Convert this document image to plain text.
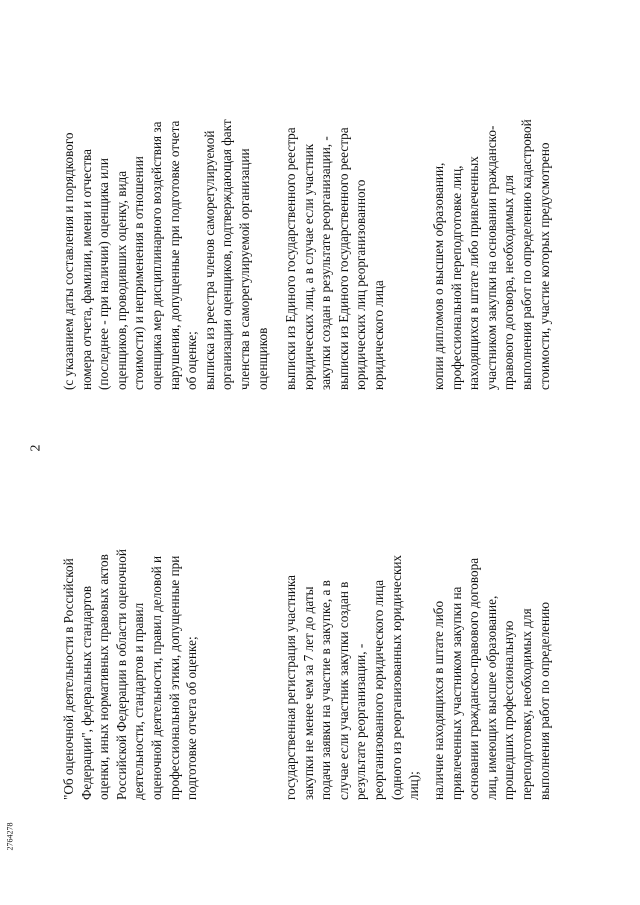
2
2764278
"Об оценочной деятельности в Российской
Федерации", федеральных стандартов
оценки, иных нормативных правовых актов
Российской Федерации в области оценочной
деятельности, стандартов и правил
оценочной деятельности, правил деловой и
профессиональной этики, допущенные при
подготовке отчета об оценке;
(с указанием даты составления и порядкового
номера отчета, фамилии, имени и отчества
(последнее - при наличии) оценщика или
оценщиков, проводивших оценку, вида
стоимости) и неприменения в отношении
оценщика мер дисциплинарного воздействия за
нарушения, допущенные при подготовке отчета
об оценке;
выписка из реестра членов саморегулируемой
организации оценщиков, подтверждающая факт
членства в саморегулируемой организации
оценщиков
государственная регистрация участника
закупки не менее чем за 7 лет до даты
подачи заявки на участие в закупке, а в
случае если участник закупки создан в
результате реорганизации, -
реорганизованного юридического лица
(одного из реорганизованных юридических
лиц);
выписки из Единого государственного реестра
юридических лиц, а в случае если участник
закупки создан в результате реорганизации, -
выписки из Единого государственного реестра
юридических лиц реорганизованного
юридического лица
наличие находящихся в штате либо
привлеченных участником закупки на
основании гражданско-правового договора
лиц, имеющих высшее образование,
прошедших профессиональную
переподготовку, необходимых для
выполнения работ по определению
копии дипломов о высшем образовании,
профессиональной переподготовке лиц,
находящихся в штате либо привлеченных
участником закупки на основании гражданско-
правового договора, необходимых для
выполнения работ по определению кадастровой
стоимости, участие которых предусмотрено
